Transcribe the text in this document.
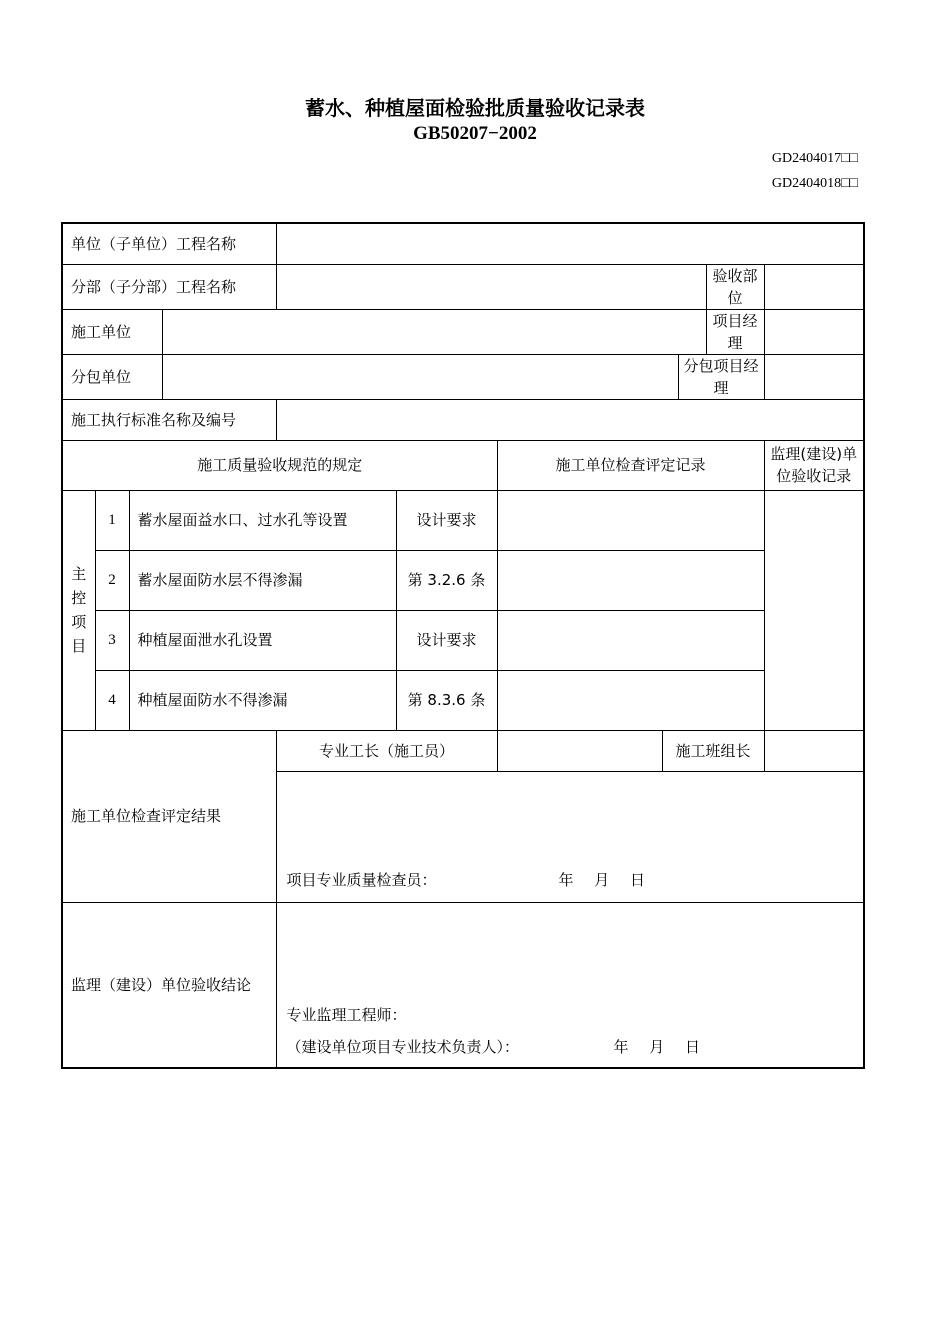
蓄水、种植屋面检验批质量验收记录表
GB50207−2002
GD2404017□□
GD2404018□□
单位（子单位）工程名称										
分部（子分部）工程名称									验收部位	
施工单位									项目经理	
分包单位								分包项目经理		
施工执行标准名称及编号										
施工质量验收规范的规定						施工单位检查评定记录				监理(建设)单
位验收记录

主
控
项
目	1	蓄水屋面益水口、过水孔等设置			设计要求					
	2	蓄水屋面防水层不得渗漏			第 3.2.6 条					
	3	种植屋面泄水孔设置			设计要求					
	4	种植屋面防水不得渗漏			第 8.3.6 条					
施工单位检查评定结果				专业工长（施工员）			施工班组长			

				项目专业质量检查员： 年 月 日						

监理（建设）单位验收结论				专业监理工程师：
（建设单位项目专业技术负责人）： 年 月 日						
